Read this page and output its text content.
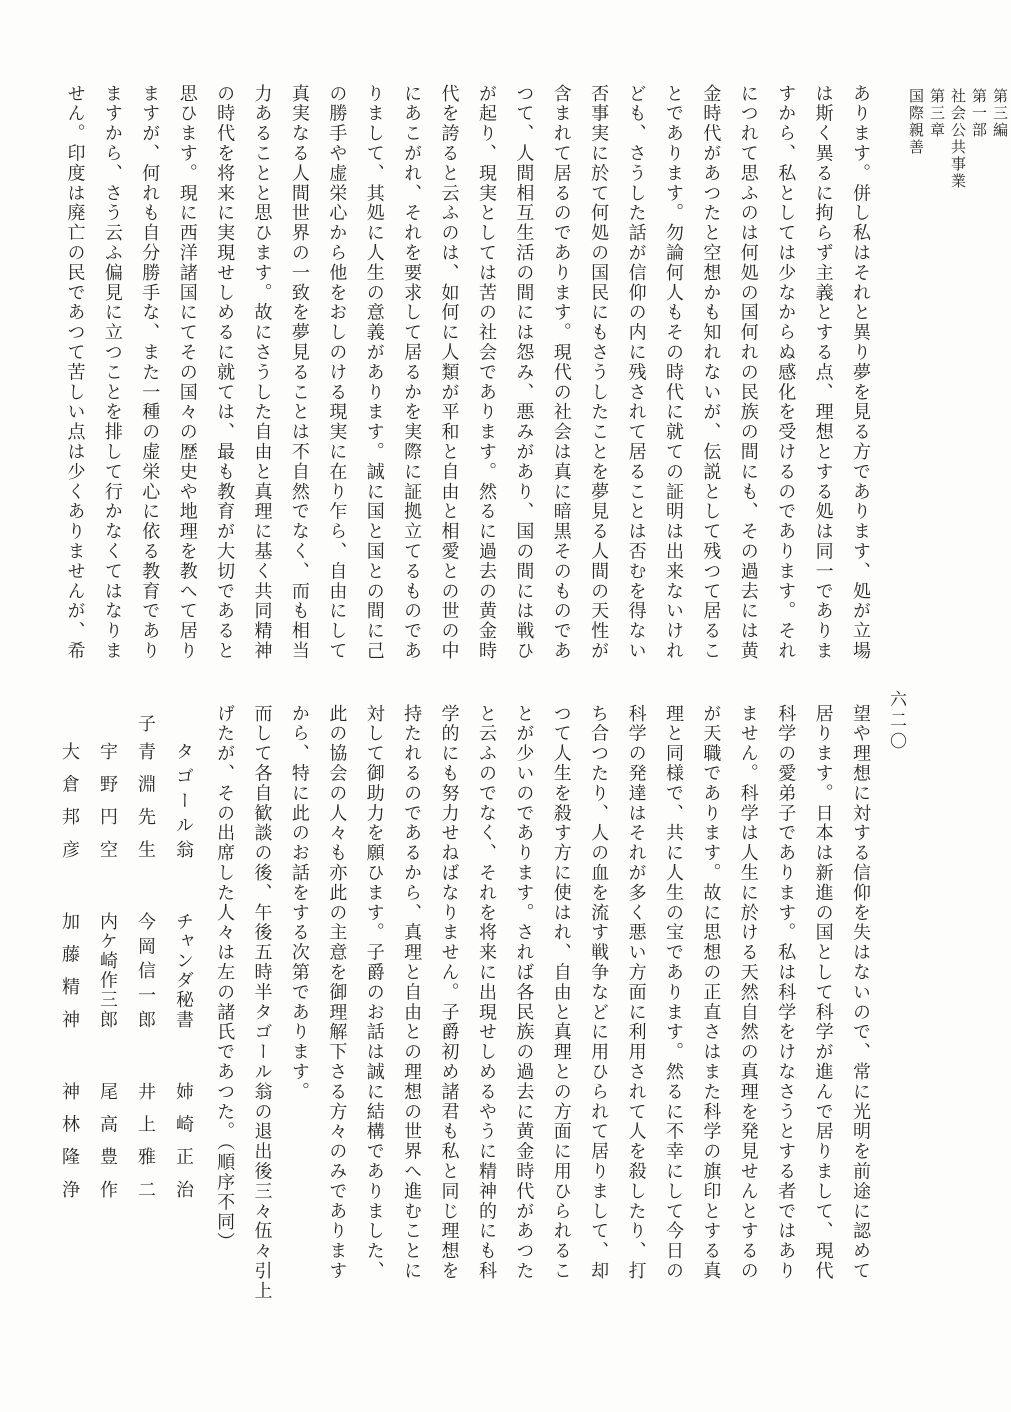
第三編
第一部
社会公共事業
第三章
国際親善
六二〇
あります。併し私はそれと異り夢を見る方であります、処が立場
は斯く異るに拘らず主義とする点、理想とする処は同一でありま
すから、私としては少なからぬ感化を受けるのであります。それ
につれて思ふのは何処の国何れの民族の間にも、その過去には黄
金時代があつたと空想かも知れないが、伝説として残つて居るこ
とであります。勿論何人もその時代に就ての証明は出来ないけれ
ども、さうした話が信仰の内に残されて居ることは否むを得ない
否事実に於て何処の国民にもさうしたことを夢見る人間の天性が
含まれて居るのであります。現代の社会は真に暗黒そのものであ
つて、人間相互生活の間には怨み、悪みがあり、国の間には戦ひ
が起り、現実としては苦の社会であります。然るに過去の黄金時
代を誇ると云ふのは、如何に人類が平和と自由と相愛との世の中
にあこがれ、それを要求して居るかを実際に証拠立てるものであ
りまして、其処に人生の意義があります。誠に国と国との間に己
の勝手や虚栄心から他をおしのける現実に在り乍ら、自由にして
真実なる人間世界の一致を夢見ることは不自然でなく、而も相当
力あることと思ひます。故にさうした自由と真理に基く共同精神
の時代を将来に実現せしめるに就ては、最も教育が大切であると
思ひます。現に西洋諸国にてその国々の歴史や地理を教へて居り
ますが、何れも自分勝手な、また一種の虚栄心に依る教育であり
ますから、さう云ふ偏見に立つことを排して行かなくてはなりま
せん。印度は廃亡の民であつて苦しい点は少くありませんが、希
望や理想に対する信仰を失はないので、常に光明を前途に認めて
居ります。日本は新進の国として科学が進んで居りまして、現代
科学の愛弟子であります。私は科学をけなさうとする者ではあり
ません。科学は人生に於ける天然自然の真理を発見せんとするの
が天職であります。故に思想の正直さはまた科学の旗印とする真
理と同様で、共に人生の宝であります。然るに不幸にして今日の
科学の発達はそれが多く悪い方面に利用されて人を殺したり、打
ち合つたり、人の血を流す戦争などに用ひられて居りまして、却
つて人生を殺す方に使はれ、自由と真理との方面に用ひられるこ
とが少いのであります。されば各民族の過去に黄金時代があつた
と云ふのでなく、それを将来に出現せしめるやうに精神的にも科
学的にも努力せねばなりません。子爵初め諸君も私と同じ理想を
持たれるのであるから、真理と自由との理想の世界へ進むことに
対して御助力を願ひます。子爵のお話は誠に結構でありました、
此の協会の人々も亦此の主意を御理解下さる方々のみであります
から、特に此のお話をする次第であります。
而して各自歓談の後、午後五時半タゴール翁の退出後三々伍々引上
げたが、その出席した人々は左の諸氏であつた。（順序不同）
タゴール翁
チャンダ秘書
姉崎正治
子
青淵先生
今岡信一郎
井上雅二
宇野円空
内ケ崎作三郎
尾高豊作
大倉邦彦
加藤精神
神林隆浄
